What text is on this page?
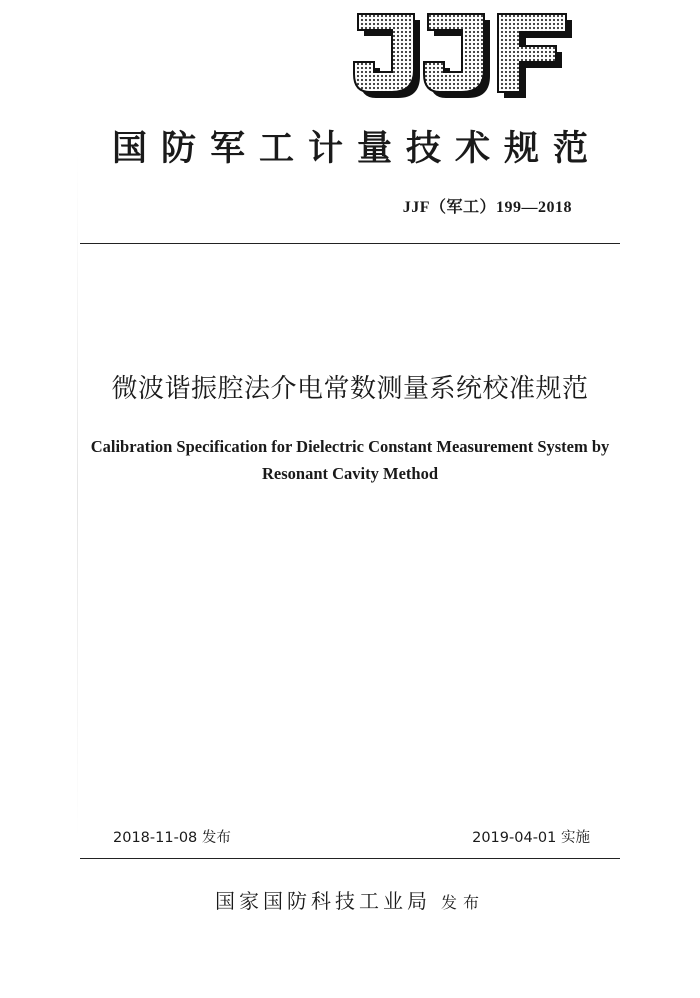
国防军工计量技术规范
JJF（军工）199—2018
微波谐振腔法介电常数测量系统校准规范
Calibration Specification for Dielectric Constant Measurement System by
Resonant Cavity Method
2018-11-08 发布	2019-04-01 实施
国家国防科技工业局 发布
